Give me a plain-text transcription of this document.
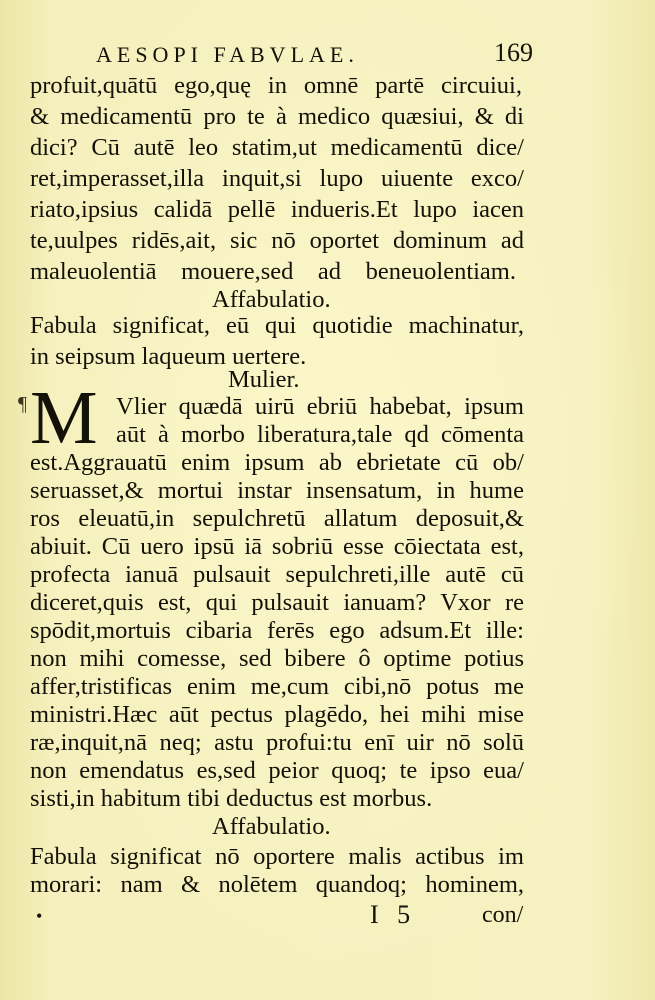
AESOPI FABVLAE.	169
profuit,quātū ego,quę in omnē partē circuiui,
& medicamentū pro te à medico quæsiui, & di
dici? Cū autē leo statim,ut medicamentū dice/
ret,imperasset,illa inquit,si lupo uiuente exco/
riato,ipsius calidā pellē indueris.Et lupo iacen
te,uulpes ridēs,ait, sic nō oportet dominum ad
maleuolentiā mouere,sed ad beneuolentiam.
Affabulatio.
Fabula significat, eū qui quotidie machinatur,
in seipsum laqueum uertere.
Mulier.
¶ M Vlier quædā uirū ebriū habebat, ipsum
aūt à morbo liberatura,tale qd cōmenta
est.Aggrauatū enim ipsum ab ebrietate cū ob/
seruasset,& mortui instar insensatum, in hume
ros eleuatū,in sepulchretū allatum deposuit,&
abiuit. Cū uero ipsū iā sobriū esse cōiectata est,
profecta ianuā pulsauit sepulchreti,ille autē cū
diceret,quis est, qui pulsauit ianuam? Vxor re
spōdit,mortuis cibaria ferēs ego adsum.Et ille:
non mihi comesse, sed bibere ô optime potius
affer,tristificas enim me,cum cibi,nō potus me
ministri.Hæc aūt pectus plagēdo, hei mihi mise
ræ,inquit,nā neq; astu profui:tu enī uir nō solū
non emendatus es,sed peior quoq; te ipso eua/
sisti,in habitum tibi deductus est morbus.
Affabulatio.
Fabula significat nō oportere malis actibus im
morari: nam & nolētem quandoq; hominem,
•	I 5	con/
